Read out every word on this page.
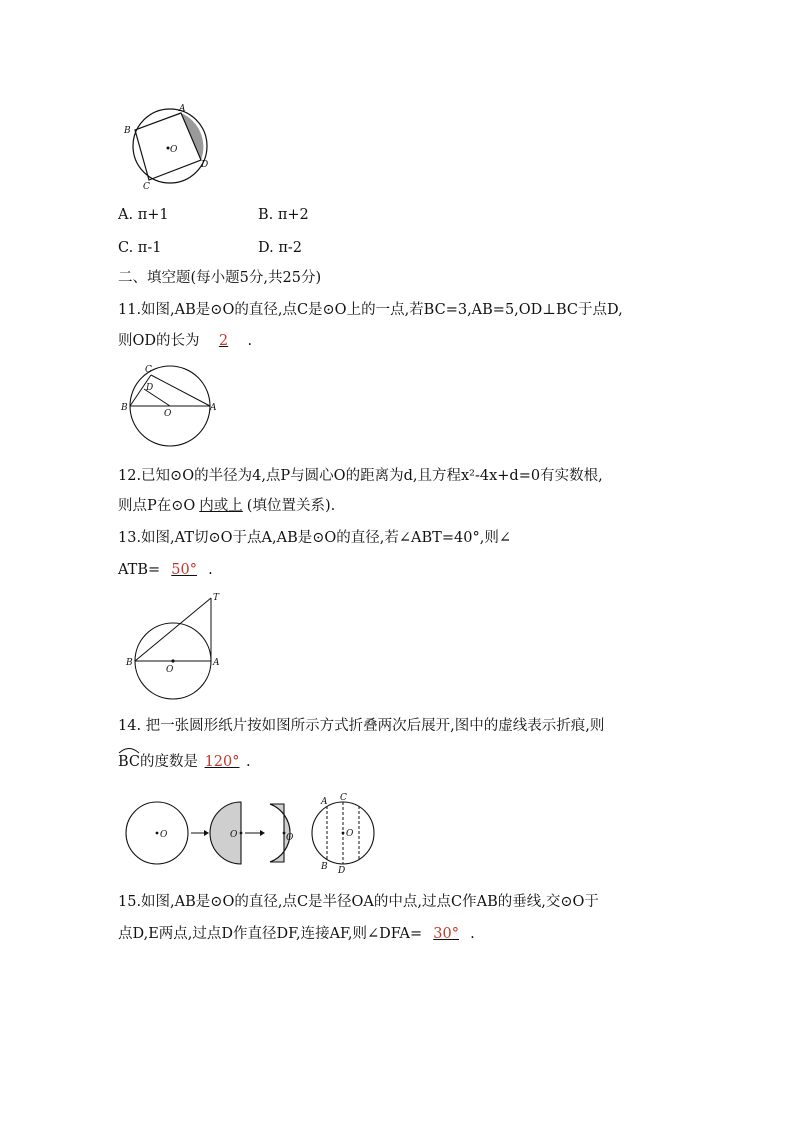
A
B
C
D
O
A. π+1	B. π+2
C. π-1	D. π-2
二、填空题(每小题5分,共25分)
11.如图,AB是⊙O的直径,点C是⊙O上的一点,若BC=3,AB=5,OD⊥BC于点D,
则OD的长为 2 .
C
D
B
O
A
12.已知⊙O的半径为4,点P与圆心O的距离为d,且方程x²-4x+d=0有实数根,
则点P在⊙O 内或上 (填位置关系).
13.如图,AT切⊙O于点A,AB是⊙O的直径,若∠ABT=40°,则∠
ATB= 50° .
T
B
O
A
14. 把一张圆形纸片按如图所示方式折叠两次后展开,图中的虚线表示折痕,则
BC的度数是 120° .
O	O	O	O
A C
B D
15.如图,AB是⊙O的直径,点C是半径OA的中点,过点C作AB的垂线,交⊙O于
点D,E两点,过点D作直径DF,连接AF,则∠DFA= 30° .
